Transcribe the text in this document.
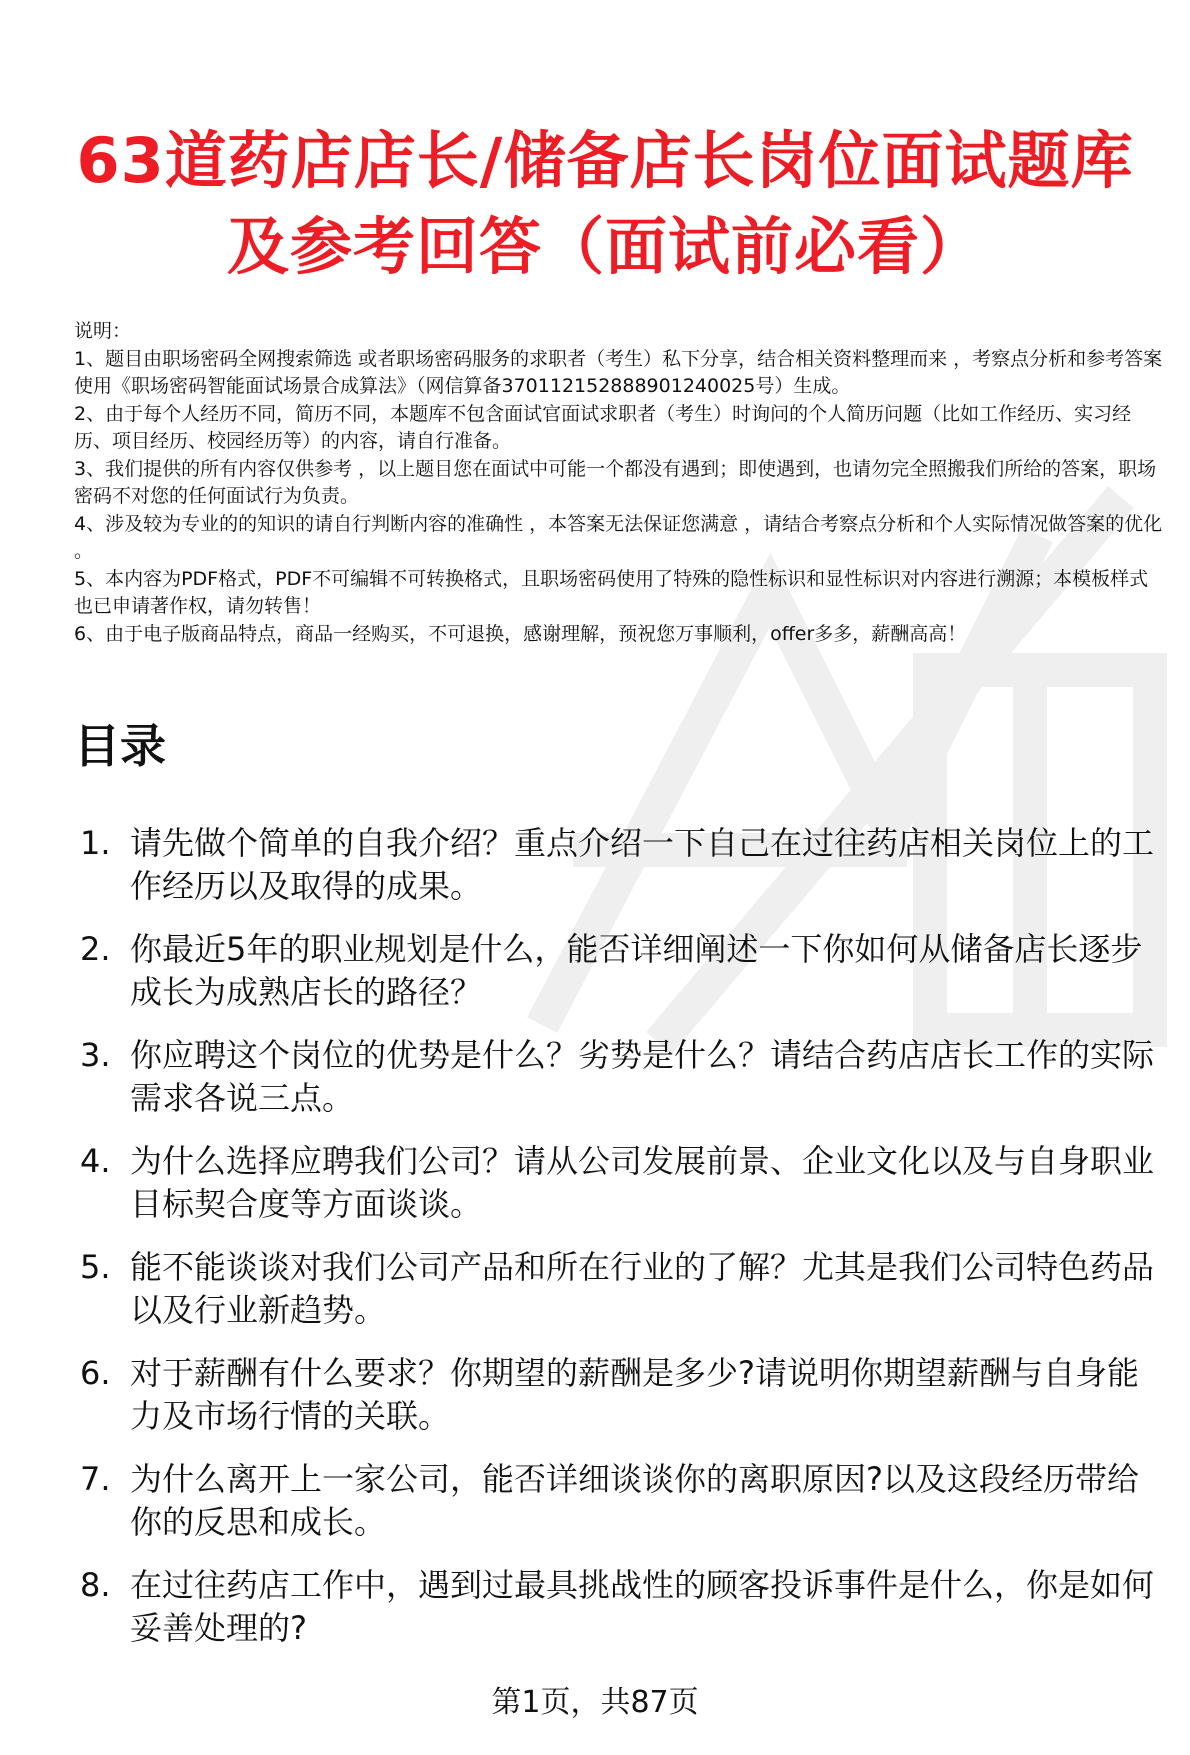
63道药店店长/储备店长岗位面试题库及参考回答（面试前必看）

说明：

1、题目由职场密码全网搜索筛选 或者职场密码服务的求职者（考生）私下分享，结合相关资料整理而来 ，考察点分析和参考答案使用《职场密码智能面试场景合成算法》（网信算备370112152888901240025号）生成。

2、由于每个人经历不同，简历不同，本题库不包含面试官面试求职者（考生）时询问的个人简历问题（比如工作经历、实习经历、项目经历、校园经历等）的内容，请自行准备。

3、我们提供的所有内容仅供参考 ，以上题目您在面试中可能一个都没有遇到；即使遇到，也请勿完全照搬我们所给的答案，职场密码不对您的任何面试行为负责。

4、涉及较为专业的的知识的请自行判断内容的准确性 ，本答案无法保证您满意 ，请结合考察点分析和个人实际情况做答案的优化 。

5、本内容为PDF格式，PDF不可编辑不可转换格式，且职场密码使用了特殊的隐性标识和显性标识对内容进行溯源；本模板样式也已申请著作权，请勿转售！

6、由于电子版商品特点，商品一经购买，不可退换，感谢理解，预祝您万事顺利，offer多多，薪酬高高！

目录
1. 请先做个简单的自我介绍？重点介绍一下自己在过往药店相关岗位上的工作经历以及取得的成果。
2. 你最近5年的职业规划是什么，能否详细阐述一下你如何从储备店长逐步成长为成熟店长的路径？
3. 你应聘这个岗位的优势是什么？劣势是什么？请结合药店店长工作的实际需求各说三点。
4. 为什么选择应聘我们公司？请从公司发展前景、企业文化以及与自身职业目标契合度等方面谈谈。
5. 能不能谈谈对我们公司产品和所在行业的了解？尤其是我们公司特色药品以及行业新趋势。
6. 对于薪酬有什么要求？你期望的薪酬是多少?请说明你期望薪酬与自身能力及市场行情的关联。
7. 为什么离开上一家公司，能否详细谈谈你的离职原因?以及这段经历带给你的反思和成长。
8. 在过往药店工作中，遇到过最具挑战性的顾客投诉事件是什么，你是如何妥善处理的?
第1页，共87页
